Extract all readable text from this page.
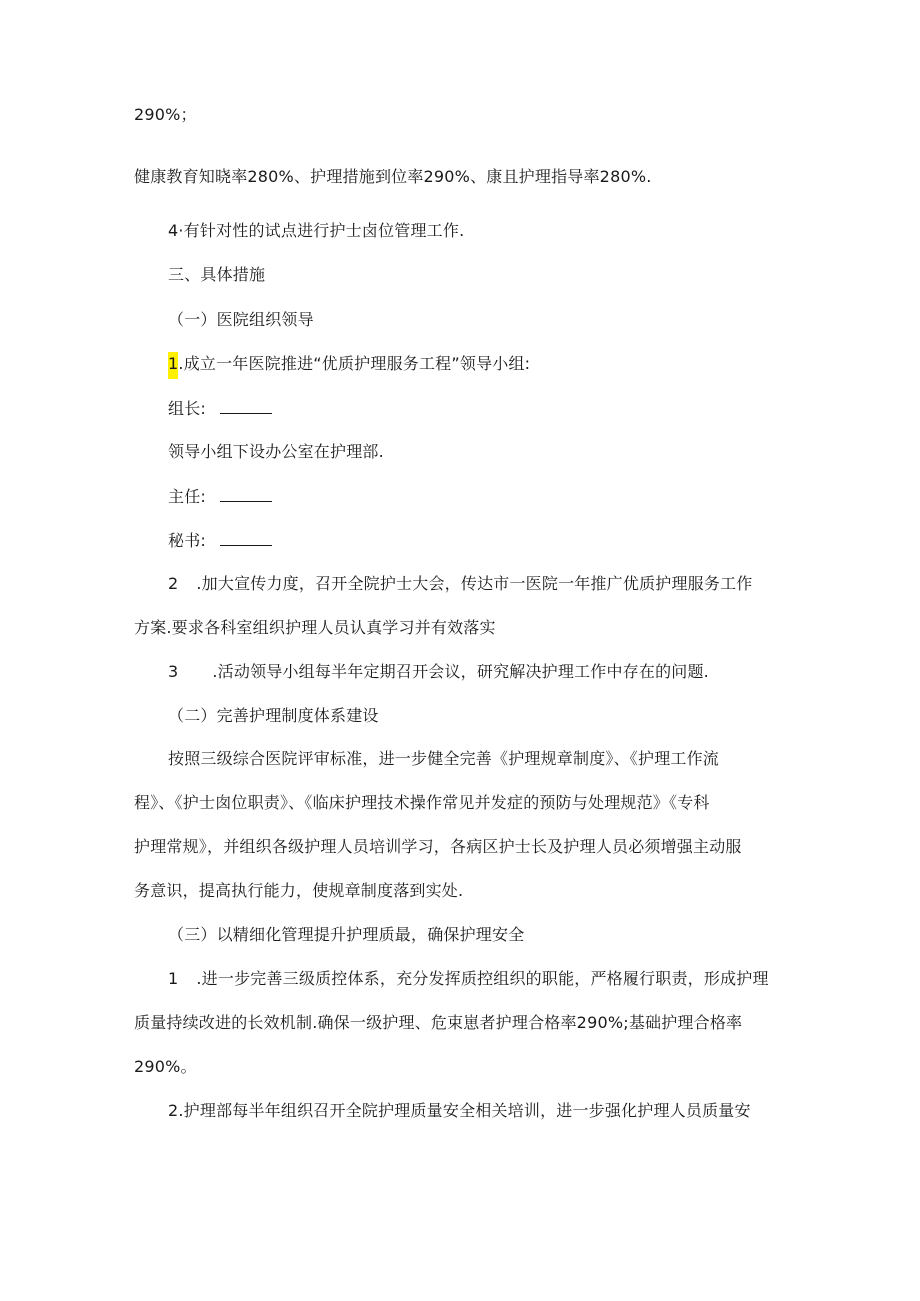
290%；
健康教育知晓率280%、护理措施到位率290%、康且护理指导率280%.
4·有针对性的试点进行护士卤位管理工作.
三、具体措施
（一）医院组织领导
1.成立一年医院推进“优质护理服务工程”领导小组:
组长:
领导小组下设办公室在护理部.
主任:
秘书:
2 .加大宣传力度，召开全院护士大会，传达市一医院一年推广优质护理服务工作
方案.要求各科室组织护理人员认真学习并有效落实
3 .活动领导小组每半年定期召开会议，研究解决护理工作中存在的问题.
（二）完善护理制度体系建设
按照三级综合医院评审标准，进一步健全完善《护理规章制度》、《护理工作流
程》、《护士囱位职责》、《临床护理技术操作常见并发症的预防与处理规范》《专科
护理常规》，并组织各级护理人员培训学习，各病区护士长及护理人员必须增强主动服
务意识，提高执行能力，使规章制度落到实处.
（三）以精细化管理提升护理质最，确保护理安全
1 .进一步完善三级质控体系，充分发挥质控组织的职能，严格履行职责，形成护理
质量持续改进的长效机制.确保一级护理、危束崽者护理合格率290%;基础护理合格率
290%。
2.护理部每半年组织召开全院护理质量安全相关培训，进一步强化护理人员质量安
